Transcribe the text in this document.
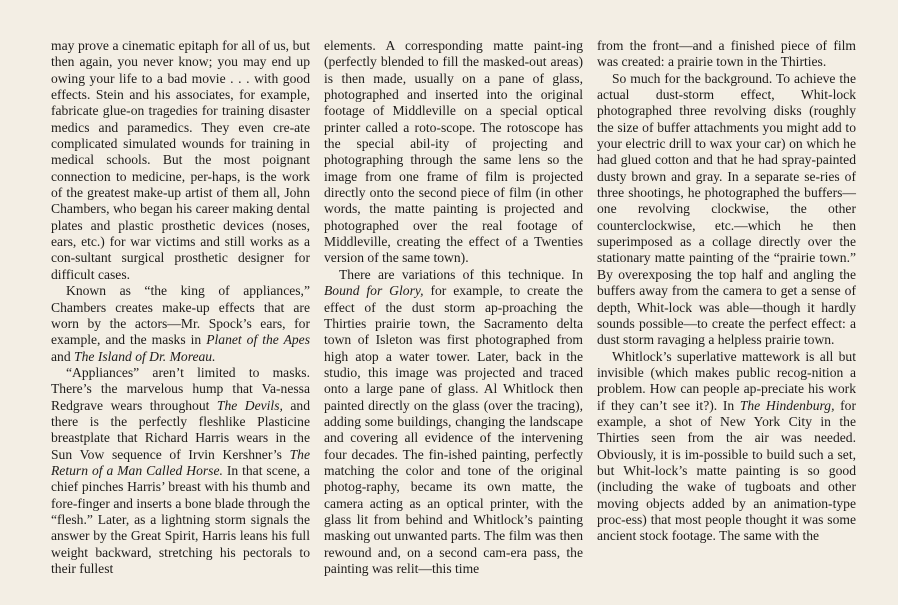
may prove a cinematic epitaph for all of us, but then again, you never know; you may end up owing your life to a bad movie . . . with good effects. Stein and his associates, for example, fabricate glue-on tragedies for training disaster medics and paramedics. They even cre-ate complicated simulated wounds for training in medical schools. But the most poignant connection to medicine, per-haps, is the work of the greatest make-up artist of them all, John Chambers, who began his career making dental plates and plastic prosthetic devices (noses, ears, etc.) for war victims and still works as a con-sultant surgical prosthetic designer for difficult cases.

Known as “the king of appliances,” Chambers creates make-up effects that are worn by the actors—Mr. Spock’s ears, for example, and the masks in Planet of the Apes and The Island of Dr. Moreau.

“Appliances” aren’t limited to masks. There’s the marvelous hump that Va-nessa Redgrave wears throughout The Devils, and there is the perfectly fleshlike Plasticine breastplate that Richard Harris wears in the Sun Vow sequence of Irvin Kershner’s The Return of a Man Called Horse. In that scene, a chief pinches Harris’ breast with his thumb and fore-finger and inserts a bone blade through the “flesh.” Later, as a lightning storm signals the answer by the Great Spirit, Harris leans his full weight backward, stretching his pectorals to their fullest

elements. A corresponding matte paint-ing (perfectly blended to fill the masked-out areas) is then made, usually on a pane of glass, photographed and inserted into the original footage of Middleville on a special optical printer called a roto-scope. The rotoscope has the special abil-ity of projecting and photographing through the same lens so the image from one frame of film is projected directly onto the second piece of film (in other words, the matte painting is projected and photographed over the real footage of Middleville, creating the effect of a Twenties version of the same town).

There are variations of this technique. In Bound for Glory, for example, to create the effect of the dust storm ap-proaching the Thirties prairie town, the Sacramento delta town of Isleton was first photographed from high atop a water tower. Later, back in the studio, this image was projected and traced onto a large pane of glass. Al Whitlock then painted directly on the glass (over the tracing), adding some buildings, changing the landscape and covering all evidence of the intervening four decades. The fin-ished painting, perfectly matching the color and tone of the original photog-raphy, became its own matte, the camera acting as an optical printer, with the glass lit from behind and Whitlock’s painting masking out unwanted parts. The film was then rewound and, on a second cam-era pass, the painting was relit—this time

from the front—and a finished piece of film was created: a prairie town in the Thirties.

So much for the background. To achieve the actual dust-storm effect, Whit-lock photographed three revolving disks (roughly the size of buffer attachments you might add to your electric drill to wax your car) on which he had glued cotton and that he had spray-painted dusty brown and gray. In a separate se-ries of three shootings, he photographed the buffers—one revolving clockwise, the other counterclockwise, etc.—which he then superimposed as a collage directly over the stationary matte painting of the “prairie town.” By overexposing the top half and angling the buffers away from the camera to get a sense of depth, Whit-lock was able—though it hardly sounds possible—to create the perfect effect: a dust storm ravaging a helpless prairie town.

Whitlock’s superlative mattework is all but invisible (which makes public recog-nition a problem. How can people ap-preciate his work if they can’t see it?). In The Hindenburg, for example, a shot of New York City in the Thirties seen from the air was needed. Obviously, it is im-possible to build such a set, but Whit-lock’s matte painting is so good (including the wake of tugboats and other moving objects added by an animation-type proc-ess) that most people thought it was some ancient stock footage. The same with the
